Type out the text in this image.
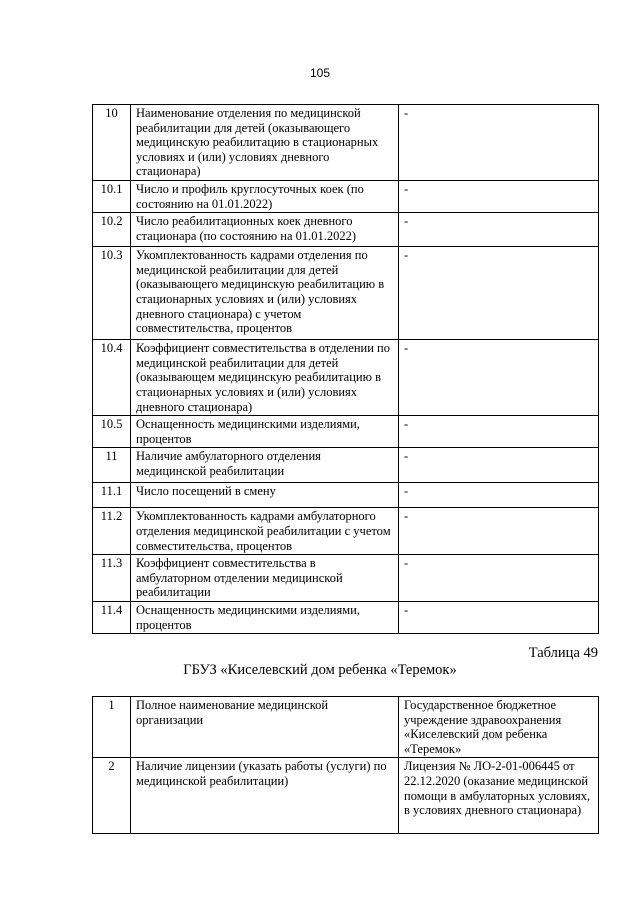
105
10	Наименование отделения по медицинской реабилитации для детей (оказывающего медицинскую реабилитацию в стационарных условиях и (или) условиях дневного стационара)	-
10.1	Число и профиль круглосуточных коек (по состоянию на 01.01.2022)	-
10.2	Число реабилитационных коек дневного стационара (по состоянию на 01.01.2022)	-
10.3	Укомплектованность кадрами отделения по медицинской реабилитации для детей (оказывающего медицинскую реабилитацию в стационарных условиях и (или) условиях дневного стационара) с учетом совместительства, процентов	-
10.4	Коэффициент совместительства в отделении по медицинской реабилитации для детей (оказывающем медицинскую реабилитацию в стационарных условиях и (или) условиях дневного стационара)	-
10.5	Оснащенность медицинскими изделиями, процентов	-
11	Наличие амбулаторного отделения медицинской реабилитации	-
11.1	Число посещений в смену	-
11.2	Укомплектованность кадрами амбулаторного отделения медицинской реабилитации с учетом совместительства, процентов	-
11.3	Коэффициент совместительства в амбулаторном отделении медицинской реабилитации	-
11.4	Оснащенность медицинскими изделиями, процентов	-
Таблица 49
ГБУЗ «Киселевский дом ребенка «Теремок»
1	Полное наименование медицинской организации	Государственное бюджетное учреждение здравоохранения «Киселевский дом ребенка «Теремок»
2	Наличие лицензии (указать работы (услуги) по медицинской реабилитации)	Лицензия № ЛО-2-01-006445 от 22.12.2020 (оказание медицинской помощи в амбулаторных условиях, в условиях дневного стационара)
